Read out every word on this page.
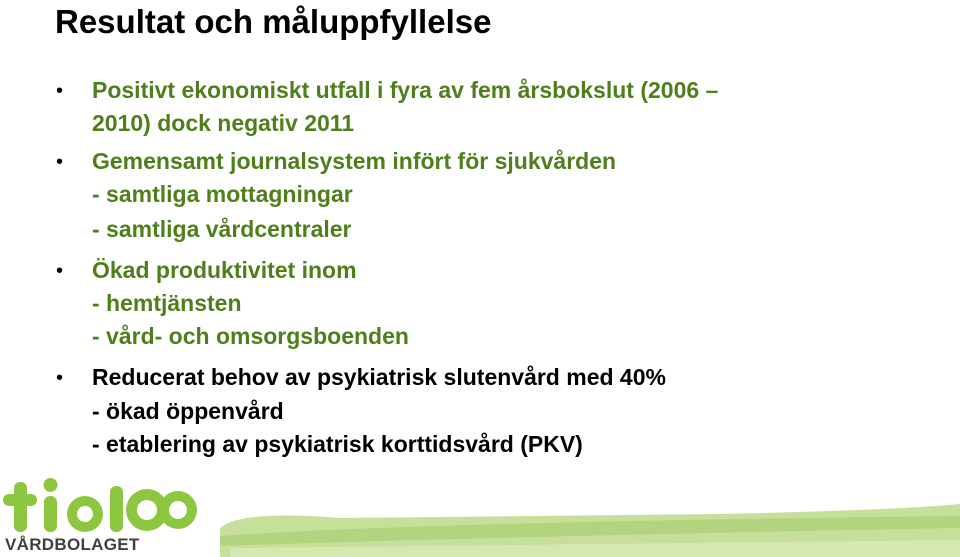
Resultat och måluppfyllelse
• Positivt ekonomiskt utfall i fyra av fem årsbokslut (2006 –
2010) dock negativ 2011
• Gemensamt journalsystem infört för sjukvården
- samtliga mottagningar
- samtliga vårdcentraler
• Ökad produktivitet inom
- hemtjänsten
- vård- och omsorgsboenden
• Reducerat behov av psykiatrisk slutenvård med 40%
- ökad öppenvård
- etablering av psykiatrisk korttidsvård (PKV)
VÅRDBOLAGET
